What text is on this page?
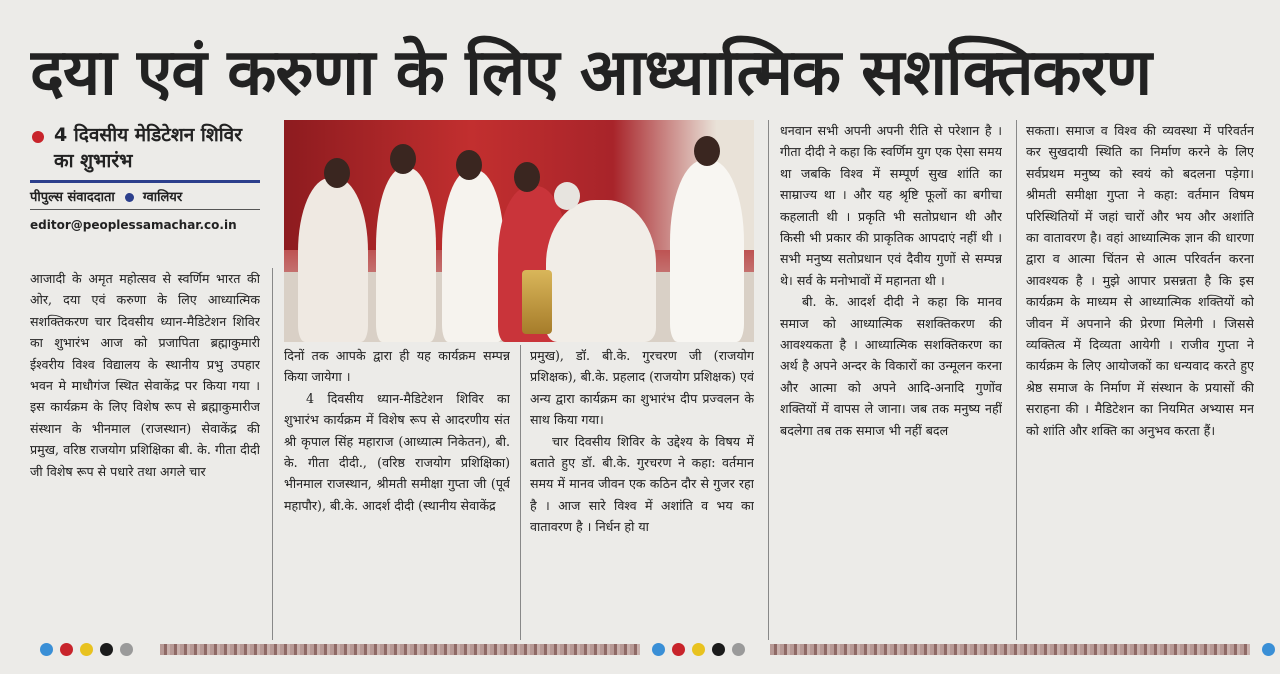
दया एवं करुणा के लिए आध्यात्मिक सशक्तिकरण
4 दिवसीय मेडिटेशन शिविर का शुभारंभ
पीपुल्स संवाददाता ग्वालियर
editor@peoplessamachar.co.in

आजादी के अमृत महोत्सव से स्वर्णिम भारत की ओर, दया एवं करुणा के लिए आध्यात्मिक सशक्तिकरण चार दिवसीय ध्यान-मैडिटेशन शिविर का शुभारंभ आज को प्रजापिता ब्रह्माकुमारी ईश्वरीय विश्व विद्यालय के स्थानीय प्रभु उपहार भवन मे माधौगंज स्थित सेवाकेंद्र पर किया गया । इस कार्यक्रम के लिए विशेष रूप से ब्रह्माकुमारीज संस्थान के भीनमाल (राजस्थान) सेवाकेंद्र की प्रमुख, वरिष्ठ राजयोग प्रशिक्षिका बी. के. गीता दीदी जी विशेष रूप से पधारे तथा अगले चार

दिनों तक आपके द्वारा ही यह कार्यक्रम सम्पन्न किया जायेगा ।

4 दिवसीय ध्यान-मैडिटेशन शिविर का शुभारंभ कार्यक्रम में विशेष रूप से आदरणीय संत श्री कृपाल सिंह महाराज (आध्यात्म निकेतन), बी. के. गीता दीदी., (वरिष्ठ राजयोग प्रशिक्षिका) भीनमाल राजस्थान, श्रीमती समीक्षा गुप्ता जी (पूर्व महापौर), बी.के. आदर्श दीदी (स्थानीय सेवाकेंद्र

प्रमुख), डॉ. बी.के. गुरचरण जी (राजयोग प्रशिक्षक), बी.के. प्रहलाद (राजयोग प्रशिक्षक) एवं अन्य द्वारा कार्यक्रम का शुभारंभ दीप प्रज्वलन के साथ किया गया।

चार दिवसीय शिविर के उद्देश्य के विषय में बताते हुए डॉ. बी.के. गुरचरण ने कहा: वर्तमान समय में मानव जीवन एक कठिन दौर से गुजर रहा है । आज सारे विश्व में अशांति व भय का वातावरण है । निर्धन हो या

धनवान सभी अपनी अपनी रीति से परेशान है । गीता दीदी ने कहा कि स्वर्णिम युग एक ऐसा समय था जबकि विश्व में सम्पूर्ण सुख शांति का साम्राज्य था । और यह श्रृष्टि फूलों का बगीचा कहलाती थी । प्रकृति भी सतोप्रधान थी और किसी भी प्रकार की प्राकृतिक आपदाएं नहीं थी । सभी मनुष्य सतोप्रधान एवं दैवीय गुणों से सम्पन्न थे। सर्व के मनोभावों में महानता थी ।

बी. के. आदर्श दीदी ने कहा कि मानव समाज को आध्यात्मिक सशक्तिकरण की आवश्यकता है । आध्यात्मिक सशक्तिकरण का अर्थ है अपने अन्दर के विकारों का उन्मूलन करना और आत्मा को अपने आदि-अनादि गुणोंव शक्तियों में वापस ले जाना। जब तक मनुष्य नहीं बदलेगा तब तक समाज भी नहीं बदल

सकता। समाज व विश्व की व्यवस्था में परिवर्तन कर सुखदायी स्थिति का निर्माण करने के लिए सर्वप्रथम मनुष्य को स्वयं को बदलना पड़ेगा। श्रीमती समीक्षा गुप्ता ने कहा: वर्तमान विषम परिस्थितियों में जहां चारों और भय और अशांति का वातावरण है। वहां आध्यात्मिक ज्ञान की धारणा द्वारा व आत्मा चिंतन से आत्म परिवर्तन करना आवश्यक है । मुझे आपार प्रसन्नता है कि इस कार्यक्रम के माध्यम से आध्यात्मिक शक्तियों को जीवन में अपनाने की प्रेरणा मिलेगी । जिससे व्यक्तित्व में दिव्यता आयेगी । राजीव गुप्ता ने कार्यक्रम के लिए आयोजकों का धन्यवाद करते हुए श्रेष्ठ समाज के निर्माण में संस्थान के प्रयासों की सराहना की । मैडिटेशन का नियमित अभ्यास मन को शांति और शक्ति का अनुभव करता हैं।
